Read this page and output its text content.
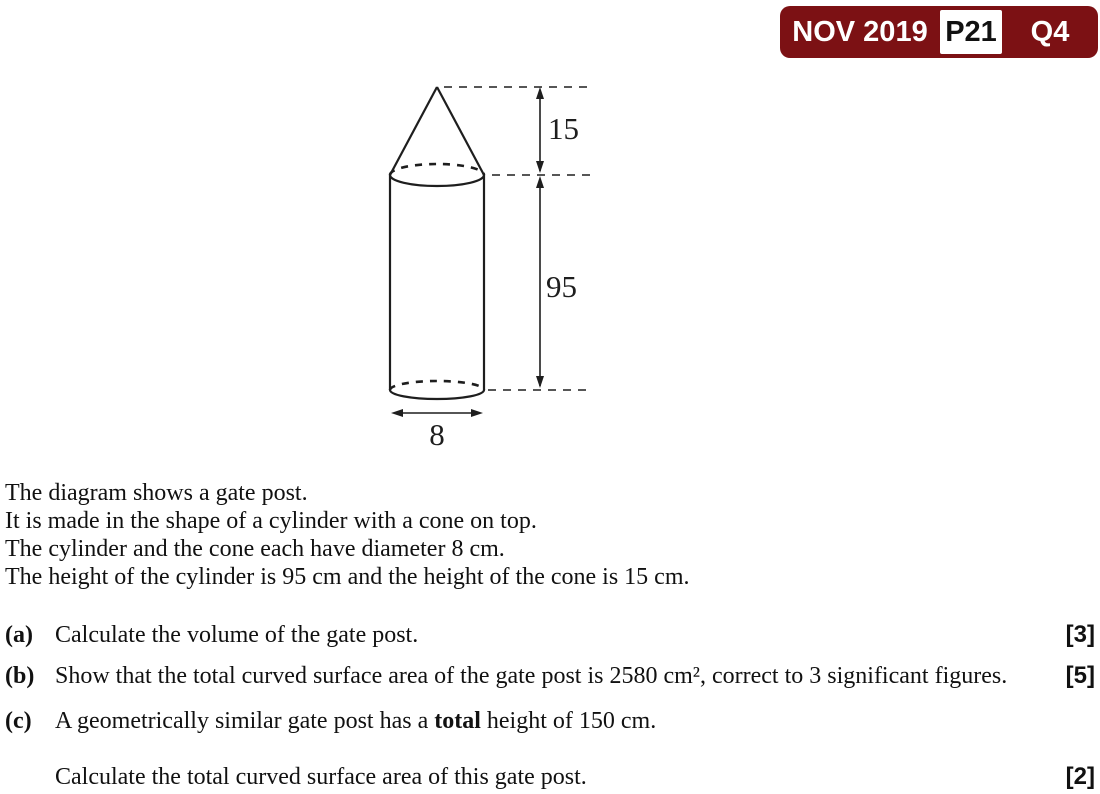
NOV 2019 P21	Q4
15
95
8

The diagram shows a gate post.

It is made in the shape of a cylinder with a cone on top.

The cylinder and the cone each have diameter 8 cm.

The height of the cylinder is 95 cm and the height of the cone is 15 cm.

(a) Calculate the volume of the gate post.	[3]
(b) Show that the total curved surface area of the gate post is 2580 cm², correct to 3 significant figures.	[5]
(c) A geometrically similar gate post has a total height of 150 cm.
Calculate the total curved surface area of this gate post.	[2]
